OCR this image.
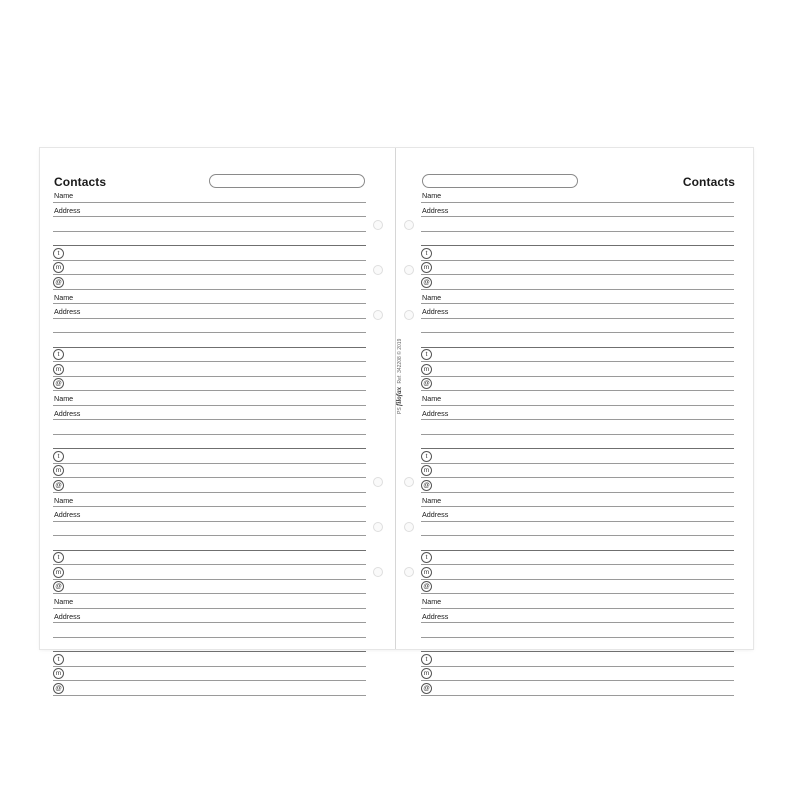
Contacts
Name
Address
t
m
@
Name
Address
t
m
@
Name
Address
t
m
@
Name
Address
t
m
@
Name
Address
t
m
@
Contacts
Name
Address
t
m
@
Name
Address
t
m
@
Name
Address
t
m
@
Name
Address
t
m
@
Name
Address
t
m
@
PS filofax Ref. 342208 © 2019
